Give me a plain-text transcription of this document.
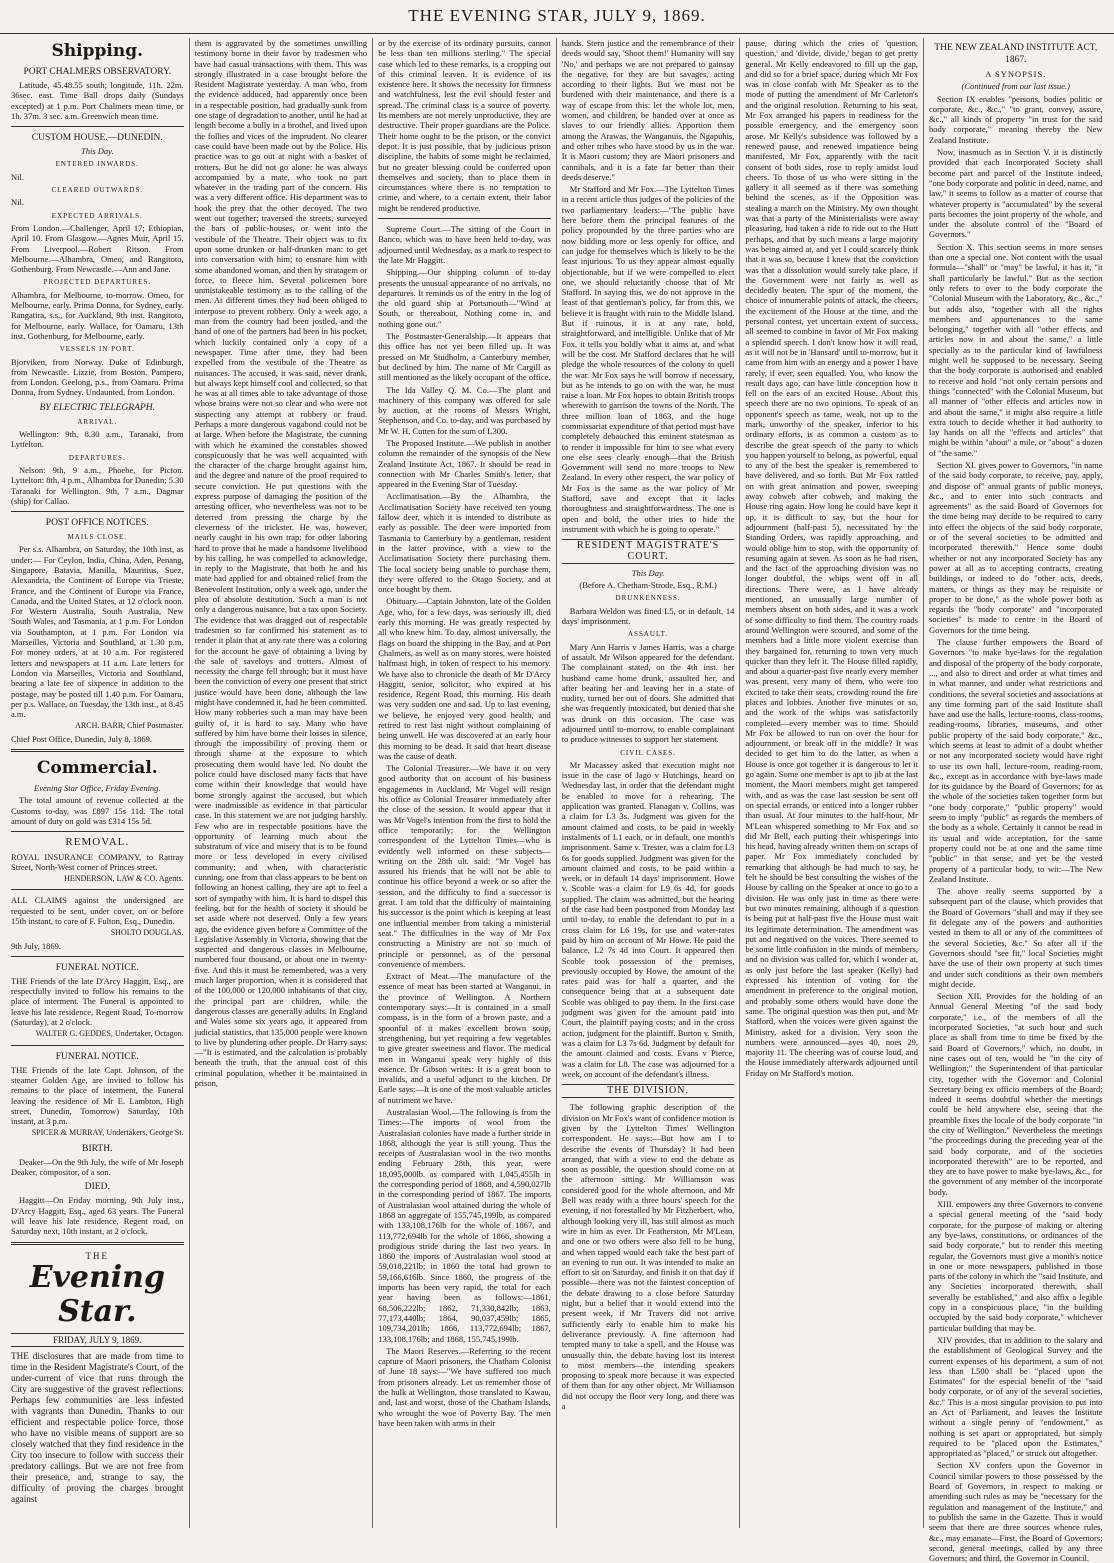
THE EVENING STAR, JULY 9, 1869.
Shipping.
PORT CHALMERS OBSERVATORY.

Latitude, 45.48.55 south; longitude, 11h. 22m. 36sec. east. Time Ball drops daily (Sundays excepted) at 1 p.m. Port Chalmers mean time, or 1h. 37m. 3 sec. a.m. Greenwich mean time.

CUSTOM HOUSE.—DUNEDIN.
This Day.
ENTERED INWARDS.

Nil.

CLEARED OUTWARDS.

Nil.

EXPECTED ARRIVALS.

From London.—Challenger, April 17; Ethiopian, April 10. From Glasgow.—Agnes Muir, April 15. From Liverpool.—Robert Ritson. From Melbourne.—Alhambra, Omeo, and Rangitoto, Gothenburg. From Newcastle.—Ann and Jane.

PROJECTED DEPARTURES.

Alhambra, for Melbourne, to-morrow. Omeo, for Melbourne, early. Prima Donna, for Sydney, early. Rangatira, s.s., for Auckland, 9th inst. Rangitoto, for Melbourne, early. Wallace, for Oamaru, 13th inst. Gothenburg, for Melbourne, early.

VESSELS IN PORT.

Bjorviken, from Norway. Duke of Edinburgh, from Newcastle. Lizzie, from Boston. Pampero, from London. Geelong, p.s., from Oamaru. Prima Donna, from Sydney. Undaunted, from London.

BY ELECTRIC TELEGRAPH.
ARRIVAL.

Wellington: 9th, 8.30 a.m., Taranaki, from Lyttelton.

DEPARTURES.

Nelson: 9th, 9 a.m., Phoebe, for Picton. Lyttelton: 8th, 4 p.m., Alhambra for Dunedin; 5.30 Taranaki for Wellington. 9th, 7 a.m., Dagmar (ship) for Callao.

POST OFFICE NOTICES.
MAILS CLOSE.

Per s.s. Alhambra, on Saturday, the 10th inst, as under:— For Ceylon, India, China, Aden, Penang, Singapore, Batavia, Manilla, Mauritius, Suez, Alexandria, the Continent of Europe via Trieste, France, and the Continent of Europe via France, Canada, and the United States, at 12 o'clock noon. For Western Australia, South Australia, New South Wales, and Tasmania, at 1 p.m. For London via Southampton, at 1 p.m. For London via Marseilles, Victoria and Southland, at 1.30 p.m. For money orders, at at 10 a.m. For registered letters and newspapers at 11 a.m. Late letters for London via Marseilles, Victoria and Southland, bearing a late fee of sixpence in addition to the postage, may be posted till 1.40 p.m. For Oamaru, per p.s. Wallace, on Tuesday, the 13th inst., at 8.45 a.m.

ARCH. BARR, Chief Postmaster.

Chief Post Office, Dunedin, July 8, 1869.

Commercial.
Evening Star Office, Friday Evening.

The total amount of revenue collected at the Customs to-day, was £897 15s 11d. The total amount of duty on gold was £314 15s 5d.

REMOVAL.

ROYAL INSURANCE COMPANY, to Rattray Street, North-West corner of Princes street.

HENDERSON, LAW & CO. Agents.

ALL CLAIMS against the undersigned are requested to be sent, under cover, on or before 15th instant, to care of F. Fulton, Esq., Dunedin.

SHOLTO DOUGLAS.

9th July, 1869.

FUNERAL NOTICE.

THE Friends of the late D'Arcy Haggitt, Esq., are respectfully invited to follow his remains to the place of interment. The Funeral is appointed to leave his late residence, Regent Road, To-morrow (Saturday), at 2 o'clock.

WALTER G. GEDDES, Undertaker, Octagon.
FUNERAL NOTICE.

THE Friends of the late Capt. Johnson, of the steamer Golden Age, are invited to follow his remains to the place of interment, the Funeral leaving the residence of Mr E. Lambton, High street, Dunedin, Tomorrow) Saturday, 10th instant, at 3 p.m.

SPICER & MURRAY, Undertakers, George St.
BIRTH.

Deaker—On the 9th July, the wife of Mr Joseph Deaker, compositor, of a son.

DIED.

Haggitt—On Friday morning, 9th July inst., D'Arcy Haggitt, Esq., aged 63 years. The Funeral will leave his late residence, Regent road, on Saturday next, 10th instant, at 2 o'clock.

THE
Evening Star.
FRIDAY, JULY 9, 1869.

THE disclosures that are made from time to time in the Resident Magistrate's Court, of the under-current of vice that runs through the City are suggestive of the gravest reflections. Perhaps few communities are less infested with vagrants than Dunedin. Thanks to our efficient and respectable police force, those who have no visible means of support are so closely watched that they find residence in the City too insecure to follow with success their predatory callings. But we are not free from their presence, and, strange to say, the difficulty of proving the charges brought against

them is aggravated by the sometimes unwilling testimony borne in their favor by tradesmen who have had casual transactions with them. This was strongly illustrated in a case brought before the Resident Magistrate yesterday. A man who, from the evidence adduced, had apparently once been in a respectable position, had gradually sunk from one stage of degradation to another, until he had at length become a bully in a brothel, and lived upon the follies and vices of the imprudent. No clearer case could have been made out by the Police. His practice was to go out at night with a basket of trotters. But he did not go alone: he was always accompanied by a mate, who took no part whatever in the trading part of the concern. His was a very different office. His department was to hook the prey that the other decoyed. The two went out together; traversed the streets, surveyed the bars of public-houses, or went into the vestibule of the Theatre. Their object was to fix upon some drunken or half-drunken man: to get into conversation with him; to ensnare him with some abandoned woman, and then by stratagem or force, to fleece him. Several policemen bore unmistakeable testimony as to the calling of the men. At different times they had been obliged to interpose to prevent robbery. Only a week ago, a man from the country had been jostled, and the hand of one of the partners had been in his pocket, which luckily contained only a copy of a newspaper. Time after time, they had been expelled from the vestibule of the Theatre as nuisances. The accused, it was said, never drank, but always kept himself cool and collected, so that he was at all times able to take advantage of those whose brains were not so clear and who were not suspecting any attempt at robbery or fraud. Perhaps a more dangerous vagabond could not be at large. When before the Magistrate, the cunning with which he examined the constables showed conspicuously that he was well acquainted with the character of the charge brought against him, and the degree and nature of the proof required to secure conviction. He put questions with the express purpose of damaging the position of the arresting officer, who nevertheless was not to be deterred from pressing the charge by the cleverness of the trickster. He was, however, nearly caught in his own trap; for other laboring hard to prove that he made a handsome livelihood by his calling, he was compelled to acknowledge, in reply to the Magistrate, that both he and his mate had applied for and obtained relief from the Benevolent Institution, only a week ago, under the plea of absolute destitution. Such a man is not only a dangerous nuisance, but a tax upon Society. The evidence that was dragged out of respectable tradesmen so far confirmed his statement as to render it plain that at any rate there was a coloring for the account he gave of obtaining a living by the sale of saveloys and trotters. Almost of necessity the charge fell through; but it must have been the conviction of every one present that strict justice would have been done, although the law might have condemned it, had he been committed. How many robberies such a man may have been guilty of, it is hard to say. Many who have suffered by him have borne their losses in silence, through the impossibility of proving them or through shame at the exposure to which prosecuting them would have led. No doubt the police could have disclosed many facts that have come within their knowledge that would have borne strongly against the accused, but which were inadmissible as evidence in that particular case. In this statement we are not judging harshly. Few who are in respectable positions have the opportunity of learning much about the substratum of vice and misery that is to be found more or less developed in every civilised community; and when, with characteristic cunning, one from that class appears to be bent on following an honest calling, they are apt to feel a sort of sympathy with him. It is hard to dispel this feeling, but for the health of society it should be set aside where not deserved. Only a few years ago, the evidence given before a Committee of the Legislative Assembly in Victoria, showing that the suspected and dangerous classes in Melbourne, numbered four thousand, or about one in twenty-five. And this it must be remembered, was a very much larger proportion, when it is considered that of the 100,000 or 120,000 inhabitants of that city, the principal part are children, while the dangerous classes are generally adults. In England and Wales some six years ago, it appeared from judicial statistics, that 135,000 people were known to live by plundering other people. Dr Harry says:—"It is estimated, and the calculation is probably beneath the truth, that the annual cost of this criminal population, whether it be maintained in prison,

or by the exercise of its ordinary pursuits, cannot be less than ten millions sterling." The special case which led to these remarks, is a cropping out of this criminal leaven. It is evidence of its existence here. It shows the necessity for firmness and watchfulness, lest the evil should fester and spread. The criminal class is a source of poverty. Its members are not merely unproductive, they are destructive. Their proper guardians are the Police. Their home ought to be the prison, or the convict depot. It is just possible, that by judicious prison discipline, the habits of some might be reclaimed, but no greater blessing could be conferred upon themselves and society, than to place them in circumstances where there is no temptation to crime, and where, to a certain extent, their labor might be rendered productive.

Supreme Court.—The sitting of the Court in Banco, which was to have been held to-day, was adjourned until Wednesday, as a mark to respect to the late Mr Haggitt.

Shipping.—Our shipping column of to-day presents the unusual appearance of no arrivals, no departures. It reminds us of the entry in the log of the old guard ship at Portsmouth—"Wind at South, or thereabout, Nothing come in, and nothing gone out."

The Postmaster-Generalship.—It appears that this office has not yet been filled up. It was pressed on Mr Studholm, a Canterbury member, but declined by him. The name of Mr Cargill as still mentioned as the likely occupant of the office.

The Ida Valley Q. M. Co.—The plant and machinery of this company was offered for sale by auction, at the rooms of Messrs Wright, Stephenson, and Co. to-day, and was purchased by Mr W. H. Cutten for the sum of L300.

The Proposed Institute.—We publish in another column the remainder of the synopsis of the New Zealand Institute Act, 1867. It should be read in connection with Mr Charles Smith's letter, that appeared in the Evening Star of Tuesday.

Acclimatisation.—By the Alhambra, the Acclimatisation Society have received ten young fallow deer, which it is intended to distribute as early as possible. The deer were imported from Tasmania to Canterbury by a gentleman, resident in the latter province, with a view to the Acclimatisation Society there purchasing them. The local society being unable to purchase them, they were offered to the Otago Society, and at once bought by them.

Obituary.—Captain Johnston, late of the Golden Age, who, for a few days, was seriously ill, died early this morning. He was greatly respected by all who knew him. To day, almost universally, the flags on board the shipping in the Bay, and at Port Chalmers, as well as on many stores, were hoisted halfmast high, in token of respect to his memory. We have also to chronicle the death of Mr D'Arcy Haggitt, senior, solicitor, who expired at his residence, Regent Road, this morning. His death was very sudden one and sad. Up to last evening, we believe, he enjoyed very good health, and retired to rest last night without complaining of being unwell. He was discovered at an early hour this morning to be dead. It said that heart disease was the cause of death.

The Colonial Treasurer.—We have it on very good authority that on account of his business engagements in Auckland, Mr Vogel will resign his office as Colonial Treasurer immediately after the close of the session. It would appear that it was Mr Vogel's intention from the first to hold the office temporarily; for the Wellington correspondent of the Lyttelton Times—who is evidently well informed on these subjects—writing on the 28th ult. said: "Mr Vogel has assured his friends that he will not be able to continue his office beyond a week or so after the session, and the difficulty to find a successor is great. I am told that the difficulty of maintaining his successor is the point which is keeping at least one influential member from taking a ministerial seat." The difficulties in the way of Mr Fox constructing a Ministry are not so much of principle or personnel, as of the personal convenience of members.

Extract of Meat.—The manufacture of the essence of meat has been started at Wanganui, in the province of Wellington. A Northern contemporary says:—It is contained in a small compass, is in the form of a brown paste, and a spoonful of it makes excellent brown soup, strengthening, but yet requiring a few vegetables to give greater sweetness and flavor. The medical men in Wanganui speak very highly of this essence. Dr Gibson writes: It is a great boon to invalids, and a useful adjunct to the kitchen. Dr Earle says:—It is one of the most valuable articles of nutriment we have.

Australasian Wool.—The following is from the Times:—The imports of wool from the Australasian colonies have made a further stride in 1868, although the year is still young. Thus the receipts of Australasian wool in the two months ending February 28th, this year, were 18,095,000lb. as compared with 1,045,455lb in the corresponding period of 1868, and 4,590,027lb in the corresponding period of 1867. The imports of Australasian wool attained during the whole of 1868 an aggregate of 155,745,199lb, as compared with 133,108,176lb for the whole of 1867, and 113,772,694lb for the whole of 1866, showing a prodigious stride during the last two years. In 1860 the imports of Australasian wool stood at 59,018,221lb; in 1860 the total had grown to 59,166,616lb. Since 1860, the progress of the imports has been very rapid, the total for each year having been as follows:—1861, 68,506,222lb; 1862, 71,330,842lb; 1863, 77,173,440lb; 1864, 90,037,459lb; 1865, 109,734,201lb; 1866, 113,772,694lb; 1867, 133,108,176lb; and 1868, 155,745,199lb.

The Maori Reserves.—Referring to the recent capture of Maori prisoners, the Chatham Colonist of June 18 says:—"We have suffered too much from prisoners already. Let us remember those of the hulk at Wellington, those translated to Kawau, and, last and worst, those of the Chatham Islands, who wrought the woe of Poverty Bay. The men have been taken with arms in their

hands. Stern justice and the remembrance of their deeds would say, 'Shoot them!' Humanity will say 'No,' and perhaps we are not prepared to gainsay the negative, for they are but savages, acting according to their lights. But we must not be burdened with their maintenance, and there is a way of escape from this: let the whole lot, men, women, and children, be handed over at once as slaves to our friendly allies. Apportion them among the Arawas, the Wanganuis, the Ngapuhis, and other tribes who have stood by us in the war. It is Maori custom; they are Maori prisoners and cannibals, and it is a fate far better than their deeds deserve."

Mr Stafford and Mr Fox.—The Lyttelton Times in a recent article thus judges of the policies of the two parliamentary leaders:—"The public have here before them the principal features of the policy propounded by the three parties who are now bidding more or less openly for office, and can judge for themselves which is likely to be the least injurious. To us they appear almost equally objectionable, but if we were compelled to elect one, we should reluctantly choose that of Mr Stafford. In saying this, we do not approve in the least of that gentleman's policy, far from this, we believe it is fraught with ruin to the Middle Island. But if ruinous, it is at any rate, bold, straightforward, and intelligible. Unlike that of Mr Fox, it tells you boldly what it aims at, and what will be the cost. Mr Stafford declares that he will pledge the whole resources of the colony to quell the war. Mr Fox says he will borrow if necessary, but as he intends to go on with the war, he must raise a loan. Mr Fox hopes to obtain British troops wherewith to garrison the towns of the North. The three million loan of 1863, and the huge commissariat expenditure of that period must have completely debauched this eminent statesman as to render it impossible for him to see what every one else sees clearly enough—that the British Government will send no more troops to New Zealand. In every other respect, the war policy of Mr Fox is the same as the war policy of Mr Stafford, save and except that it lacks thoroughness and straightforwardness. The one is open and bold, the other tries to hide the instrument with which he is going to operate."

RESIDENT MAGISTRATE'S COURT.
This Day.
(Before A. Chetham-Strode, Esq., R.M.)
DRUNKENNESS.

Barbara Weldon was fined L5, or in default, 14 days' imprisonment.

ASSAULT.

Mary Ann Harris v James Harris, was a charge of assault. Mr Wilson appeared for the defendant. The complainant stated, on the 4th inst. her husband came home drunk, assaulted her, and after beating her and leaving her in a state of nudity, turned her out of doors. She admitted that she was frequently intoxicated, but denied that she was drunk on this occasion. The case was adjourned until to-morrow, to enable complainant to produce witnesses to support her statement.

CIVIL CASES.

Mr Macassey asked that execution might not issue in the case of Jago v Hutchings, heard on Wednesday last, in order that the defendant might be enabled to move for a rehearing. The application was granted. Flanagan v. Collins, was a claim for L3 3s. Judgment was given for the amount claimed and costs, to be paid in weekly instalments of L1 each, or in default, one month's imprisonment. Same v. Trester, was a claim for L3 6s for goods supplied. Judgment was given for the amount claimed and costs, to be paid within a week, or in default 14 days' imprisonment. Howe v. Scoble was a claim for L9 6s 4d, for goods supplied. The claim was admitted, but the hearing of the case had been postponed from Monday last until to-day, to enable the defendant to put in a cross claim for L6 19s, for use and water-rates paid by him on account of Mr Howe. He paid the balance, L2 7s 4d into Court. It appeared then Scoble took possession of the premises, previously occupied by Howe, the amount of the rates paid was for half a quarter, and the consequence being that at a subsequent date Scoble was obliged to pay them. In the first case judgment was given for the amount paid into Court, the plaintiff paying costs; and in the cross action, judgment for the plaintiff. Burton v. Smith, was a claim for L3 7s 6d. Judgment by default for the amount claimed and costs. Evans v Pierce, was a claim for L8. The case was adjourned for a week, on account of the defendant's illness.

THE DIVISION.

The following graphic description of the division on Mr Fox's want of confidence motion is given by the Lyttelton Times' Wellington correspondent. He says:—But how am I to describe the events of Thursday? It had been arranged, that with a view to end the debate as soon as possible, the question should come on at the afternoon sitting. Mr Williamson was considered good for the whole afternoon, and Mr Bell was ready with a three hours' speech for the evening, if not forestalled by Mr Fitzherbert, who, although looking very ill, has still almost as much wire in him as ever. Dr Featherston, Mr M'Lean, and one or two others were also fell to be hung, and when tapped would each take the best part of an evening to run out. It was intended to make an effort to sit on Saturday, and finish it on that day if possible—there was not the faintest conception of the debate drawing to a close before Saturday night, but a belief that it would extend into the present week, if Mr Travers did not arrive sufficiently early to enable him to make his deliverance previously. A fine afternoon had tempted many to take a spell, and the House was unusually thin, the debate having lost its interest to most members—the intending speakers proposing to speak more because it was expected of them than for any other object. Mr Williamson did not occupy the floor very long, and there was a

pause, during which the cries of 'question, question,' and 'divide, divide,' began to get pretty general. Mr Kelly endeavored to fill up the gap, and did so for a brief space, during which Mr Fox was in close confab with Mr Speaker as to the mode of putting the amendment of Mr Carleton's and the original resolution. Returning to his seat, Mr Fox arranged his papers in readiness for the possible emergency, and the emergency soon arose. Mr Kelly's subsidence was followed by a renewed pause, and renewed impatience being manifested, Mr Fox, apparently with the tacit consent of both sides, rose to reply amidst loud cheers. To those of us who were sitting in the gallery it all seemed as if there was something behind the scenes, as if the Opposition was stealing a march on the Ministry. My own thought was that a party of the Ministerialists were away pleasuring, had taken a ride to ride out to the Hutt perhaps, and that by such means a large majority was being aimed at, and yet I could scarcely think that it was so, because I knew that the conviction was that a dissolution would surely take place, if the Government were not fairly as well as decidedly beaten. The spur of the moment, the choice of innumerable points of attack, the cheers, the excitement of the House at the time, and the personal contest, yet uncertain extent of success, all seemed to combine in favor of Mr Fox making a splendid speech. I don't know how it will read, as it will not be in 'Hansard' until to-morrow, but it came from him with an energy and a power I have rarely, if ever, seen equalled. You, who know the result days ago, can have little conception how it fell on the ears of an excited House. About this speech there are no two opinions. To speak of an opponent's speech as tame, weak, not up to the mark, unworthy of the speaker, inferior to his ordinary efforts, is as common a custom as to describe the great speech of the party to which you happen yourself to belong, as powerful, equal to any of the best the speaker is remembered to have delivered, and so forth. But Mr Fox rattled on with great animation and power, sweeping away cobweb after cobweb, and making the House ring again. How long he could have kept it up, it is difficult to say, but the hour for adjournment (half-past 5), necessitated by the Standing Orders, was rapidly approaching, and would oblige him to stop, with the opportunity of resuming again at seven. As soon as he had risen, and the fact of the approaching division was no longer doubtful, the whips went off in all directions. There were, as I have already mentioned, an unusually large number of members absent on both sides, and it was a work of some difficulty to find them. The country roads around Wellington were scoured, and some of the members had a little more violent exercise than they bargained for, returning to town very much quicker than they left it. The House filled rapidly, and about a quarter-past five nearly every member was present, very many of them, who were too excited to take their seats, crowding round the fire places and lobbies. Another five minutes or so, and the work of the whips was satisfactorily completed—every member was to time. Should Mr Fox be allowed to run on over the hour for adjournment, or break off in the middle? It was decided to get him to do the latter, as when a House is once got together it is dangerous to let it go again. Some one member is apt to jib at the last moment, the Maori members might get tampered with, and as was the case last session be sent off on special errands, or enticed into a longer rubber than usual. At four minutes to the half-hour, Mr M'Lean whispered something to Mr Fox and so did Mr Bell, each putting their whisperings into his head, having already written them on scraps of paper. Mr Fox immediately concluded by remarking that although he had much to say, he felt he should be best consulting the wishes of the House by calling on the Speaker at once to go to a division. He was only just in time as there were but two minutes remaining, although if a question is being put at half-past five the House must wait its legitimate determination. The amendment was put and negatived on the voices. There seemed to be some little confusion in the minds of members, and no division was called for, which I wonder at, as only just before the last speaker (Kelly) had expressed his intention of voting for the amendment in preference to the original motion, and probably some others would have done the same. The original question was then put, and Mr Stafford, when the voices were given against the Ministry, asked for a division. Very soon the numbers were announced—ayes 40, noes 29, majority 11. The cheering was of course loud, and the House immediately afterwards adjourned until Friday on Mr Stafford's motion.

THE NEW ZEALAND INSTITUTE ACT, 1867.
A SYNOPSIS.
(Continued from our last issue.)

Section IX enables "persons, bodies politic or corporate, &c., &c.," "to grant, convey, assure, &c.," all kinds of property "in trust for the said body corporate," meaning thereby the New Zealand Institute.

Now, inasmuch as in Section V. it is distinctly provided that each Incorporated Society shall become part and parcel of the Institute indeed, "one body corporate and politic in deed, name, and law," it seems to follow as a matter of course that whatever property is "accumulated" by the several parts becomes the joint property of the whole, and under the absolute control of the "Board of Governors."

Section X. This section seems in more senses than one a special one. Not content with the usual formula—"shall" or "may" be lawful, it has it, "it shall particularly be lawful." But as the section only refers to over to the body corporate the "Colonial Museum with the Laboratory, &c., &c.," but adds also, "together with all the rights members and appurtenances to the same belonging," together with all "other effects and articles now in and about the same," a little specially as to the particular kind of lawfulness might well be supposed to be necessary. Seeing that the body corporate is authorised and enabled to receive and hold "not only certain persons and things "connected" with the Colonial Museum, but all manner of "other effects and articles now in and about the same," it might also require a little extra touch to decide whether it had authority to lay hands on all the "effects and articles" that might be within "about" a mile, or "about" a dozen of "the same."

Section XI. gives power to Governors, "in name of the said body corporate, to receive, pay, apply, and dispose of" annual grants of public moneys, &c., and to enter into such contracts and agreements" as the said Board of Governors for the time being may decide to be required to carry into effect the objects of the said body corporate, or of the several societies to be admitted and incorporated therewith." Hence some doubt whether or not any incorporated Society has any power at all as to accepting contracts, creating buildings, or indeed to do "other acts, deeds, matters, or things as they may be requisite or proper to be done," as the whole power both as regards the "body corporate" and "incorporated societies" is made to centre in the Board of Governors for the time being.

The clause further empowers the Board of Governors "to make bye-laws for the regulation and disposal of the property of the body corporate, ..., and also to direct and order at what times and in what manner, and under what restrictions and conditions, the several societies and associations at any time forming part of the said Institute shall have and use the halls, lecture-rooms, class-rooms, reading-rooms, libraries, museums, and other public property of the said body corporate," &c., which seems at least to admit of a doubt whether or not any incorporated society would have right to use its own hall, lecture-room, reading-room, &c., except as in accordance with bye-laws made for its guidance by the Board of Governors; for as the whole of the societies taken together form but "one body corporate," "public property" would seem to imply "public" as regards the members of the body as a whole. Certainly it cannot be read in its usual and wide acceptation, for the same property could not be at one and the same time "public" in that sense, and yet be the vested property of a particular body, to wit:—The New Zealand Institute.

The above really seems supported by a subsequent part of the clause, which provides that the Board of Governors "shall and may if they see fit delegate any of the powers and authorities vested in them to all or any of the committees of the several Societies, &c." So after all if the Governors should "see fit," local Societies might have the use of their own property at such times and under such conditions as their own members might decide.

Section XII. Provides for the holding of an Annual General Meeting "of the said body corporate," i.e., of the members of all the incorporated Societies, "at such hour and such place as shall from time to time be fixed by the said Board of Governors," which, no doubt, in nine cases out of ten, would be "in the city of Wellington;" the Superintendent of that particular city, together with the Governor and Colonial Secretary being ex officio members of the Board; indeed it seems doubtful whether the meetings could be held anywhere else, seeing that the preamble fixes the locale of the body corporate "in the city of Wellington." Nevertheless the meetings "the proceedings during the preceding year of the said body corporate, and of the societies incorporated therewith" are to be reported, and they are to have power to make bye-laws, &c., for the government of any member of the incorporate body.

XIII. empowers any three Governors to convene a special general meeting of the "said body corporate, for the purpose of making or altering any bye-laws, constitutions, or ordinances of the said body corporate," but to render this meeting regular, the Governors must give a month's notice in one or more newspapers, published in those parts of the colony in which the "said Institute, and any Societies incorporated therewith, shall severally be established," and also affix a legible copy in a conspicuous place, "in the building occupied by the said body corporate," whichever particular building that may be.

XIV provides, that in addition to the salary and the establishment of Geological Survey and the current expenses of his department, a sum of not less than L500 shall be "placed upon the Estimates" for the especial benefit of the "said body corporate, or of any of the several societies, &c." This is a most singular provision to put into an Act of Parliament, and leaves the Institute without a single penny of "endowment," as nothing is set apart or appropriated, but simply required to be "placed upon the Estimates," appropriated as "placed," or struck out altogether.

Section XV confers upon the Governor in Council similar powers to those possessed by the Board of Governors, in respect to making or amending such rules as may be "necessary for the regulation and management of the Institute," and to publish the same in the Gazette. Thus it would seem that there are three sources whence rules, &c., may emanate—First, the Board of Governors; second, general meetings, called by any three Governors; and third, the Governor in Council.
